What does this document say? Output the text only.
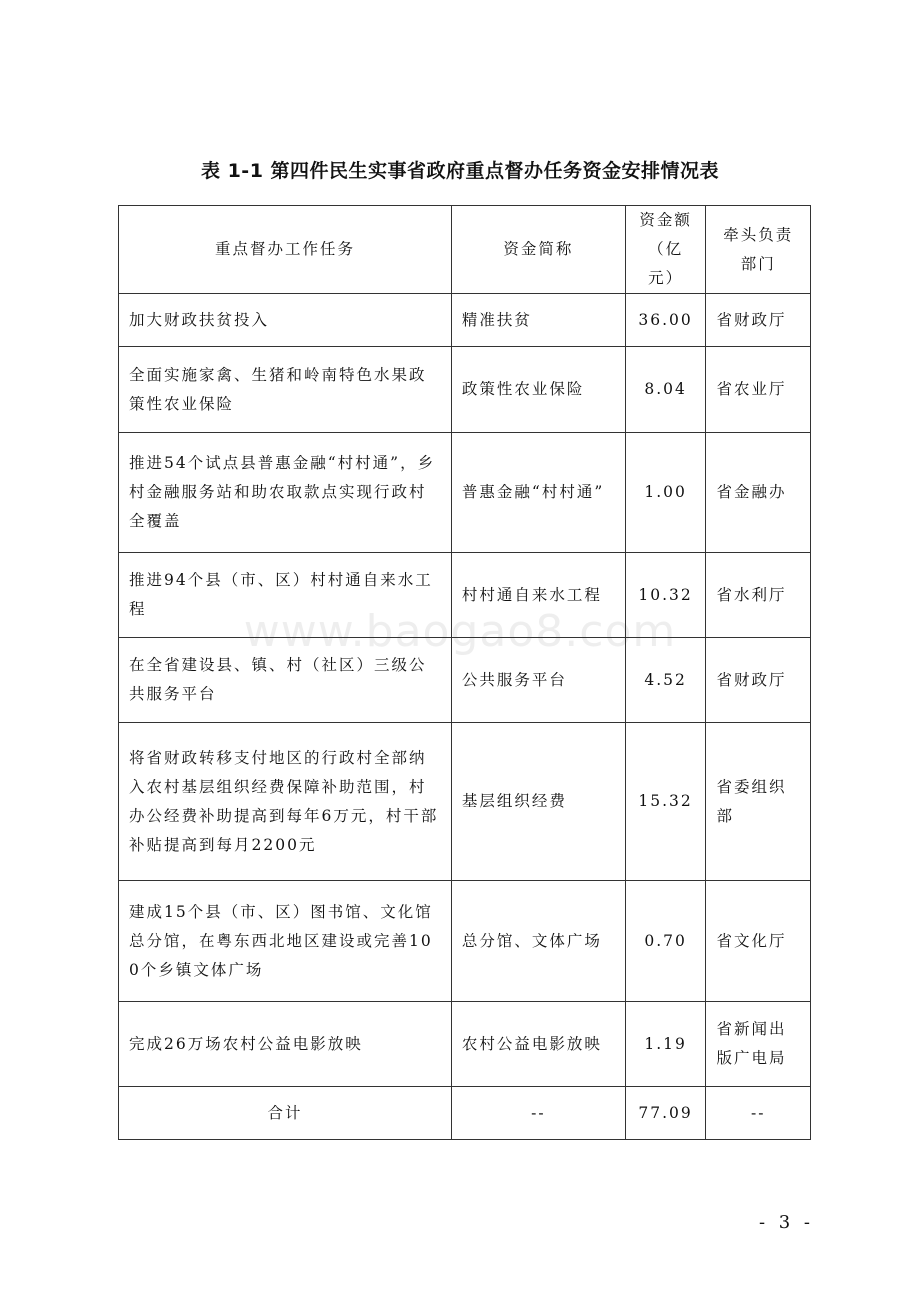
表 1-1 第四件民生实事省政府重点督办任务资金安排情况表
www.baogao8.com
重点督办工作任务	资金简称	资金额（亿元）	牵头负责部门
加大财政扶贫投入	精准扶贫	36.00	省财政厅
全面实施家禽、生猪和岭南特色水果政策性农业保险	政策性农业保险	8.04	省农业厅
推进54个试点县普惠金融“村村通”，乡村金融服务站和助农取款点实现行政村全覆盖	普惠金融“村村通”	1.00	省金融办
推进94个县（市、区）村村通自来水工程	村村通自来水工程	10.32	省水利厅
在全省建设县、镇、村（社区）三级公共服务平台	公共服务平台	4.52	省财政厅
将省财政转移支付地区的行政村全部纳入农村基层组织经费保障补助范围，村办公经费补助提高到每年6万元，村干部补贴提高到每月2200元	基层组织经费	15.32	省委组织部
建成15个县（市、区）图书馆、文化馆总分馆，在粤东西北地区建设或完善100个乡镇文体广场	总分馆、文体广场	0.70	省文化厅
完成26万场农村公益电影放映	农村公益电影放映	1.19	省新闻出版广电局
合计	--	77.09	--
- 3 -
